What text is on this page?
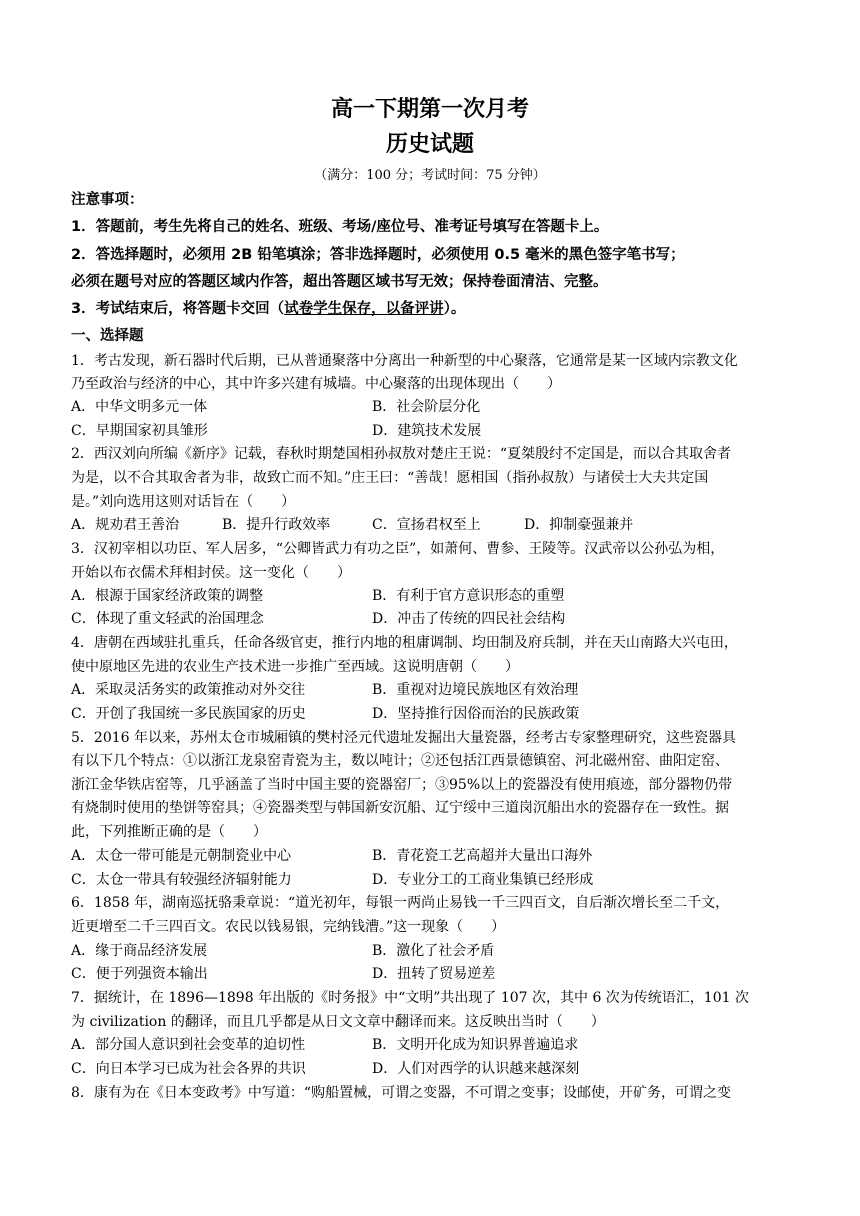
高一下期第一次月考
历史试题
（满分：100 分；考试时间：75 分钟）
注意事项：
1．答题前，考生先将自己的姓名、班级、考场/座位号、准考证号填写在答题卡上。
2．答选择题时，必须用 2B 铅笔填涂；答非选择题时，必须使用 0.5 毫米的黑色签字笔书写；
必须在题号对应的答题区域内作答，超出答题区域书写无效；保持卷面清洁、完整。
3．考试结束后，将答题卡交回（试卷学生保存，以备评讲）。
一、选择题
1．考古发现，新石器时代后期，已从普通聚落中分离出一种新型的中心聚落，它通常是某一区域内宗教文化
乃至政治与经济的中心，其中许多兴建有城墙。中心聚落的出现体现出（　　）
A．中华文明多元一体	B．社会阶层分化
C．早期国家初具雏形	D．建筑技术发展
2．西汉刘向所编《新序》记载，春秋时期楚国相孙叔敖对楚庄王说：“夏桀殷纣不定国是，而以合其取舍者
为是，以不合其取舍者为非，故致亡而不知。”庄王曰：“善哉！愿相国（指孙叔敖）与诸侯士大夫共定国
是。”刘向选用这则对话旨在（　　）
A．规劝君王善治	B．提升行政效率	C．宣扬君权至上	D．抑制豪强兼并
3．汉初宰相以功臣、军人居多，“公卿皆武力有功之臣”，如萧何、曹参、王陵等。汉武帝以公孙弘为相，
开始以布衣儒术拜相封侯。这一变化（　　）
A．根源于国家经济政策的调整	B．有利于官方意识形态的重塑
C．体现了重文轻武的治国理念	D．冲击了传统的四民社会结构
4．唐朝在西域驻扎重兵，任命各级官吏，推行内地的租庸调制、均田制及府兵制，并在天山南路大兴屯田，
使中原地区先进的农业生产技术进一步推广至西域。这说明唐朝（　　）
A．采取灵活务实的政策推动对外交往	B．重视对边境民族地区有效治理
C．开创了我国统一多民族国家的历史	D．坚持推行因俗而治的民族政策
5．2016 年以来，苏州太仓市城厢镇的樊村泾元代遗址发掘出大量瓷器，经考古专家整理研究，这些瓷器具
有以下几个特点：①以浙江龙泉窑青瓷为主，数以吨计；②还包括江西景德镇窑、河北磁州窑、曲阳定窑、
浙江金华铁店窑等，几乎涵盖了当时中国主要的瓷器窑厂；③95%以上的瓷器没有使用痕迹，部分器物仍带
有烧制时使用的垫饼等窑具；④瓷器类型与韩国新安沉船、辽宁绥中三道岗沉船出水的瓷器存在一致性。据
此，下列推断正确的是（　　）
A．太仓一带可能是元朝制瓷业中心	B．青花瓷工艺高超并大量出口海外
C．太仓一带具有较强经济辐射能力	D．专业分工的工商业集镇已经形成
6．1858 年，湖南巡抚骆秉章说：“道光初年，每银一两尚止易钱一千三四百文，自后渐次增长至二千文，
近更增至二千三四百文。农民以钱易银，完纳钱漕。”这一现象（　　）
A．缘于商品经济发展	B．激化了社会矛盾
C．便于列强资本输出	D．扭转了贸易逆差
7．据统计，在 1896—1898 年出版的《时务报》中“文明”共出现了 107 次，其中 6 次为传统语汇，101 次
为 civilization 的翻译，而且几乎都是从日文文章中翻译而来。这反映出当时（　　）
A．部分国人意识到社会变革的迫切性	B．文明开化成为知识界普遍追求
C．向日本学习已成为社会各界的共识	D．人们对西学的认识越来越深刻
8．康有为在《日本变政考》中写道：“购船置械，可谓之变器，不可谓之变事；设邮使，开矿务，可谓之变
